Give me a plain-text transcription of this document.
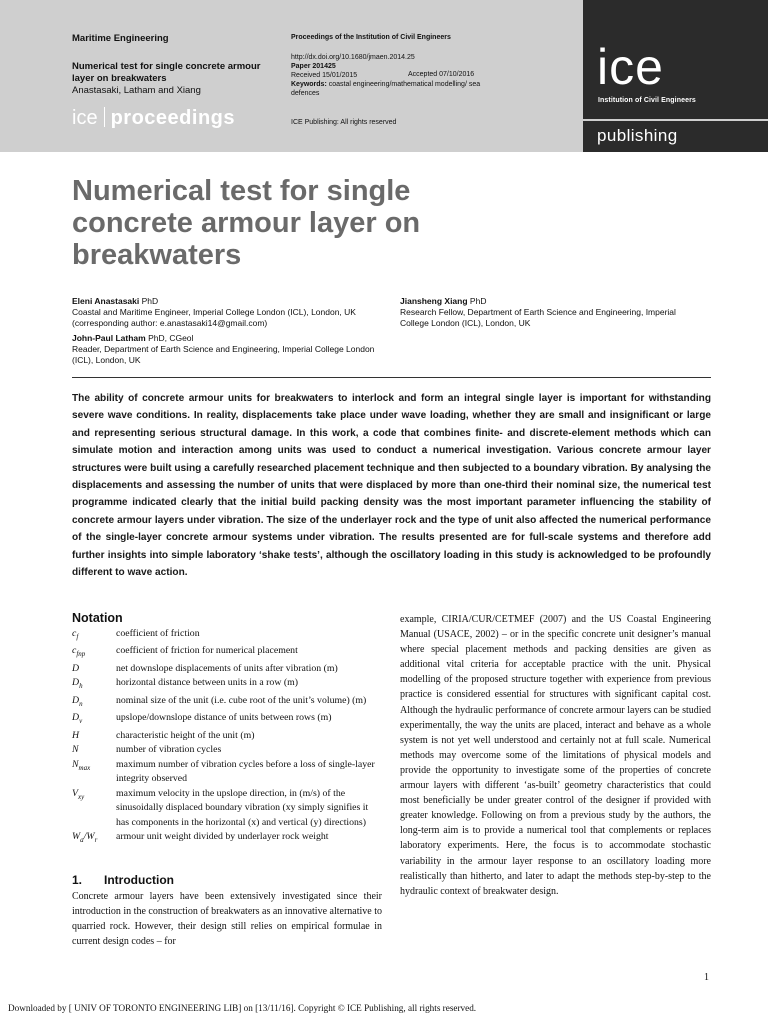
Maritime Engineering
Numerical test for single concrete armour layer on breakwaters
Anastasaki, Latham and Xiang
ice proceedings
Proceedings of the Institution of Civil Engineers
http://dx.doi.org/10.1680/jmaen.2014.25
Paper 201425
Received 15/01/2015	Accepted 07/10/2016
Keywords: coastal engineering/mathematical modelling/ sea defences
ICE Publishing: All rights reserved
ice
Institution of Civil Engineers
publishing
Numerical test for single concrete armour layer on breakwaters
Eleni Anastasaki PhD
Coastal and Maritime Engineer, Imperial College London (ICL), London, UK (corresponding author: e.anastasaki14@gmail.com)
John-Paul Latham PhD, CGeol
Reader, Department of Earth Science and Engineering, Imperial College London (ICL), London, UK
Jiansheng Xiang PhD
Research Fellow, Department of Earth Science and Engineering, Imperial College London (ICL), London, UK
The ability of concrete armour units for breakwaters to interlock and form an integral single layer is important for withstanding severe wave conditions. In reality, displacements take place under wave loading, whether they are small and insignificant or large and representing serious structural damage. In this work, a code that combines finite- and discrete-element methods which can simulate motion and interaction among units was used to conduct a numerical investigation. Various concrete armour layer structures were built using a carefully researched placement technique and then subjected to a boundary vibration. By analysing the displacements and assessing the number of units that were displaced by more than one-third their nominal size, the numerical test programme indicated clearly that the initial build packing density was the most important parameter influencing the stability of concrete armour layers under vibration. The size of the underlayer rock and the type of unit also affected the numerical performance of the single-layer concrete armour systems under vibration. The results presented are for full-scale systems and therefore add further insights into simple laboratory ‘shake tests’, although the oscillatory loading in this study is acknowledged to be profoundly different to wave action.
Notation
$c_f$	coefficient of friction
$c_{fnp}$	coefficient of friction for numerical placement
D	net downslope displacements of units after vibration (m)
$D_h$	horizontal distance between units in a row (m)
$D_n$	nominal size of the unit (i.e. cube root of the unit’s volume) (m)
$D_v$	upslope/downslope distance of units between rows (m)
H	characteristic height of the unit (m)
N	number of vibration cycles
$N_{max}$	maximum number of vibration cycles before a loss of single-layer integrity observed
$V_{xy}$	maximum velocity in the upslope direction, in (m/s) of the sinusoidally displaced boundary vibration (xy simply signifies it has components in the horizontal (x) and vertical (y) directions)
$W_a/W_r$	armour unit weight divided by underlayer rock weight
1. Introduction
Concrete armour layers have been extensively investigated since their introduction in the construction of breakwaters as an innovative alternative to quarried rock. However, their design still relies on empirical formulae in current design codes – for
example, CIRIA/CUR/CETMEF (2007) and the US Coastal Engineering Manual (USACE, 2002) – or in the specific concrete unit designer’s manual where special placement methods and packing densities are given as additional vital criteria for acceptable practice with the unit. Physical modelling of the proposed structure together with experience from previous practice is considered essential for structures with significant capital cost. Although the hydraulic performance of concrete armour layers can be studied experimentally, the way the units are placed, interact and behave as a whole system is not yet well understood and certainly not at full scale. Numerical methods may overcome some of the limitations of physical models and provide the opportunity to investigate some of the properties of concrete armour layers with different ‘as-built’ geometry characteristics that could most beneficially be under greater control of the designer if provided with greater knowledge. Following on from a previous study by the authors, the long-term aim is to provide a numerical tool that complements or replaces laboratory experiments. Here, the focus is to accommodate stochastic variability in the armour layer response to an oscillatory loading more realistically than hitherto, and later to adapt the methods step-by-step to the hydraulic context of breakwater design.
1
Downloaded by [ UNIV OF TORONTO ENGINEERING LIB] on [13/11/16]. Copyright © ICE Publishing, all rights reserved.
